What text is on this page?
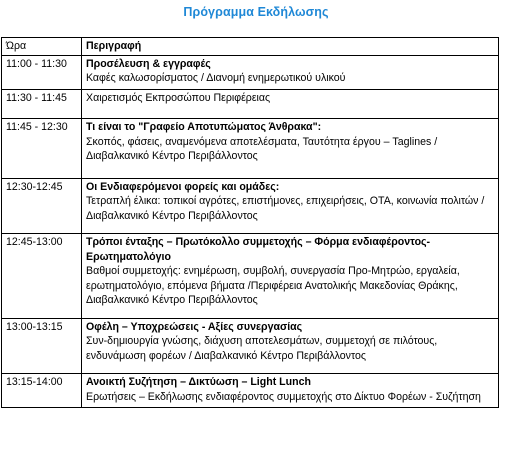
Πρόγραμμα Εκδήλωσης
Ώρα	Περιγραφή
11:00 - 11:30	Προσέλευση & εγγραφές
Καφές καλωσορίσματος / Διανομή ενημερωτικού υλικού

11:30 - 11:45	Χαιρετισμός Εκπροσώπου Περιφέρειας

11:45 - 12:30	Τι είναι το "Γραφείο Αποτυπώματος Άνθρακα":
Σκοπός, φάσεις, αναμενόμενα αποτελέσματα, Ταυτότητα έργου – Taglines / Διαβαλκανικό Κέντρο Περιβάλλοντος

12:30-12:45	Οι Ενδιαφερόμενοι φορείς και ομάδες:
Τετραπλή έλικα: τοπικοί αγρότες, επιστήμονες, επιχειρήσεις, ΟΤΑ, κοινωνία πολιτών / Διαβαλκανικό Κέντρο Περιβάλλοντος

12:45-13:00	Τρόποι ένταξης – Πρωτόκολλο συμμετοχής – Φόρμα ενδιαφέροντος-Ερωτηματολόγιο
Βαθμοί συμμετοχής: ενημέρωση, συμβολή, συνεργασία Προ-Μητρώο, εργαλεία, ερωτηματολόγιο, επόμενα βήματα /Περιφέρεια Ανατολικής Μακεδονίας Θράκης, Διαβαλκανικό Κέντρο Περιβάλλοντος

13:00-13:15	Οφέλη – Υποχρεώσεις - Αξίες συνεργασίας
Συν-δημιουργία γνώσης, διάχυση αποτελεσμάτων, συμμετοχή σε πιλότους, ενδυνάμωση φορέων / Διαβαλκανικό Κέντρο Περιβάλλοντος

13:15-14:00	Ανοικτή Συζήτηση – Δικτύωση – Light Lunch
Ερωτήσεις – Εκδήλωσης ενδιαφέροντος συμμετοχής στο Δίκτυο Φορέων - Συζήτηση
